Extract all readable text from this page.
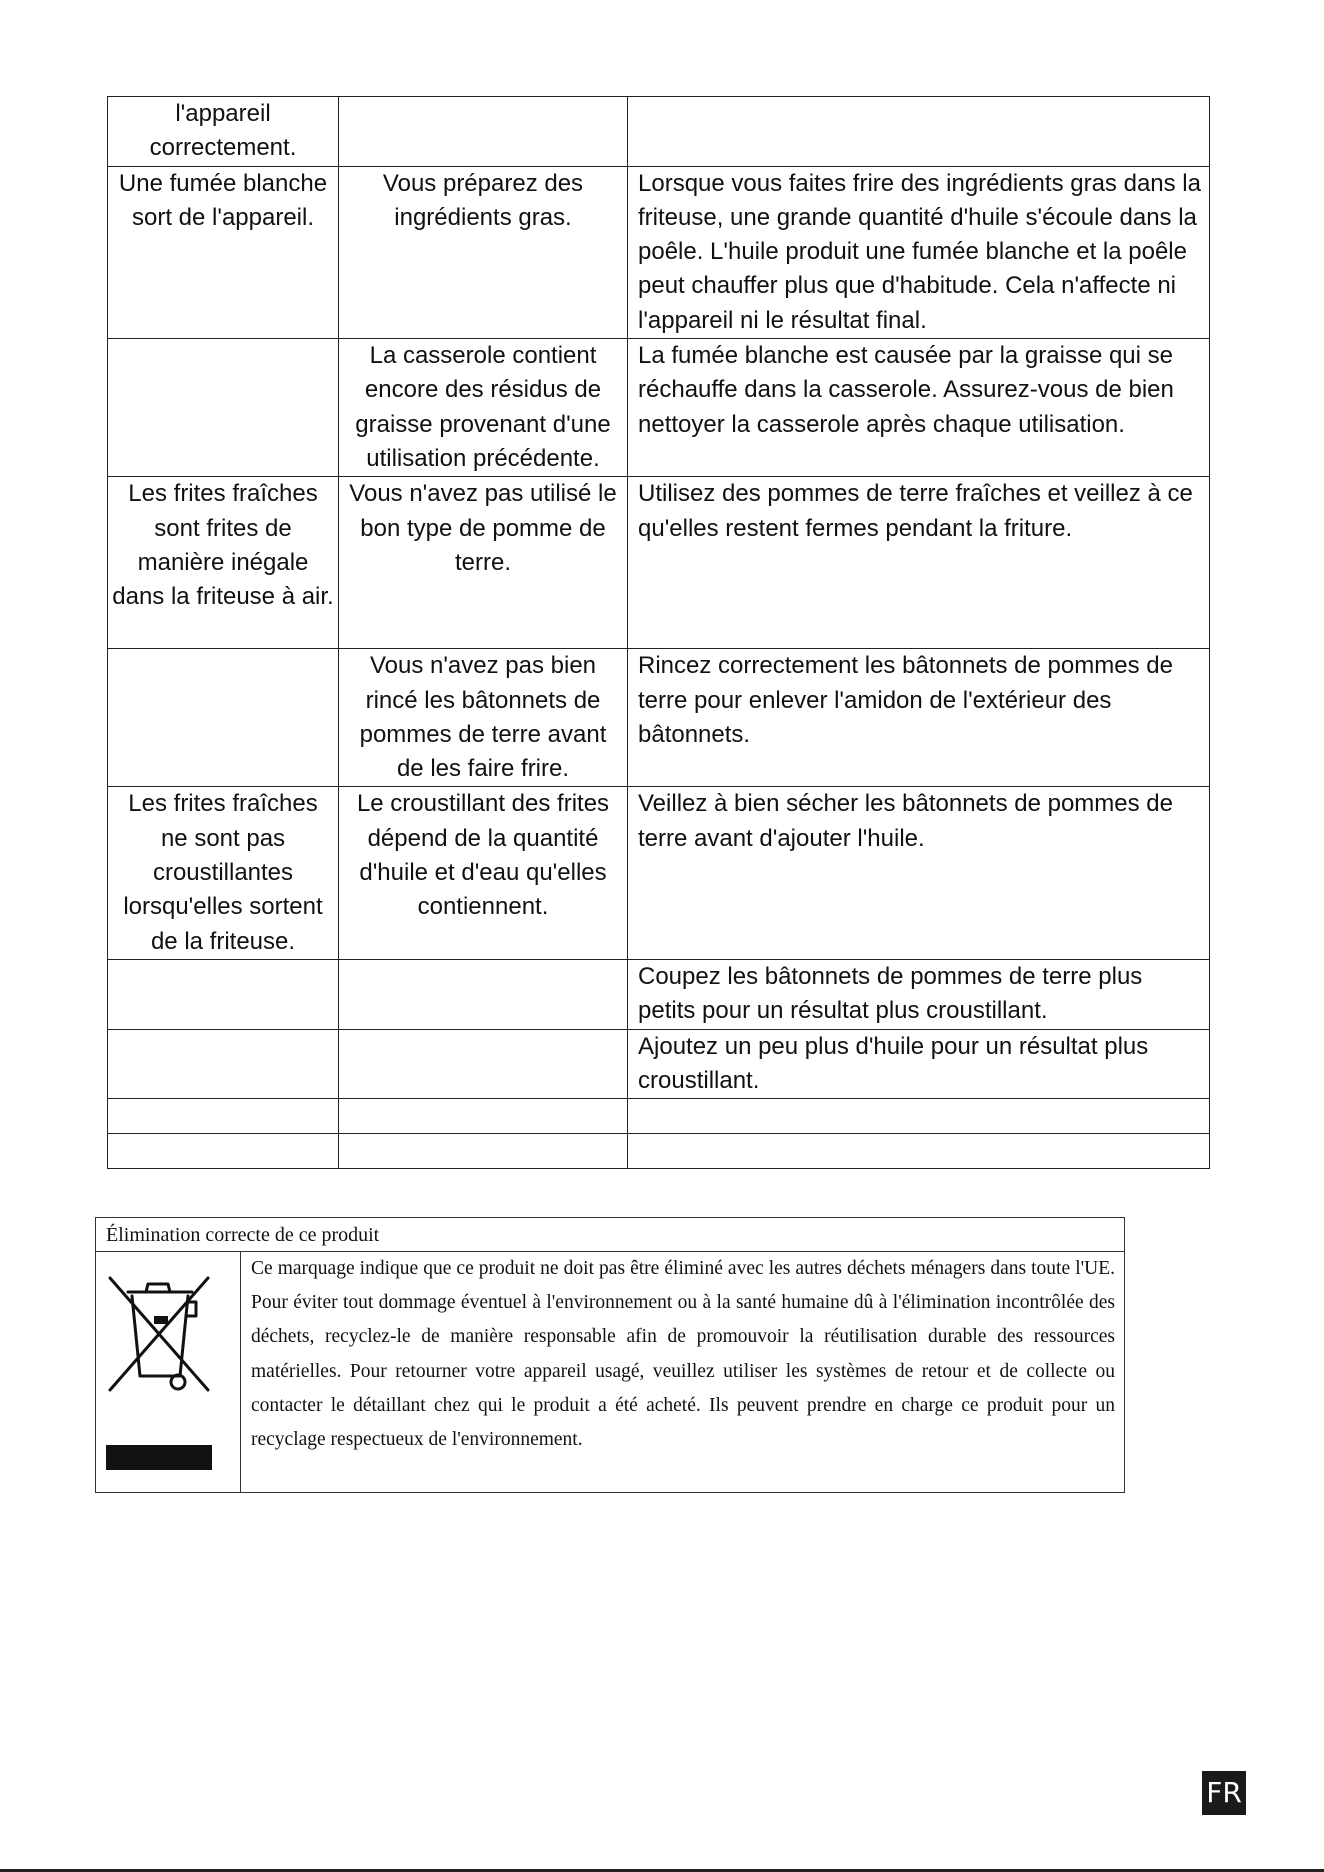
l'appareil correctement.		
Une fumée blanche sort de l'appareil.	Vous préparez des ingrédients gras.	Lorsque vous faites frire des ingrédients gras dans la friteuse, une grande quantité d'huile s'écoule dans la poêle. L'huile produit une fumée blanche et la poêle peut chauffer plus que d'habitude. Cela n'affecte ni l'appareil ni le résultat final.
	La casserole contient encore des résidus de graisse provenant d'une utilisation précédente.	La fumée blanche est causée par la graisse qui se réchauffe dans la casserole. Assurez-vous de bien nettoyer la casserole après chaque utilisation.
Les frites fraîches sont frites de manière inégale dans la friteuse à air.	Vous n'avez pas utilisé le bon type de pomme de terre.	Utilisez des pommes de terre fraîches et veillez à ce qu'elles restent fermes pendant la friture.
	Vous n'avez pas bien rincé les bâtonnets de pommes de terre avant de les faire frire.	Rincez correctement les bâtonnets de pommes de terre pour enlever l'amidon de l'extérieur des bâtonnets.
Les frites fraîches ne sont pas croustillantes lorsqu'elles sortent de la friteuse.	Le croustillant des frites dépend de la quantité d'huile et d'eau qu'elles contiennent.	Veillez à bien sécher les bâtonnets de pommes de terre avant d'ajouter l'huile.
		Coupez les bâtonnets de pommes de terre plus petits pour un résultat plus croustillant.
		Ajoutez un peu plus d'huile pour un résultat plus croustillant.

Élimination correcte de ce produit
Ce marquage indique que ce produit ne doit pas être éliminé avec les autres déchets ménagers dans toute l'UE. Pour éviter tout dommage éventuel à l'environnement ou à la santé humaine dû à l'élimination incontrôlée des déchets, recyclez-le de manière responsable afin de promouvoir la réutilisation durable des ressources matérielles. Pour retourner votre appareil usagé, veuillez utiliser les systèmes de retour et de collecte ou contacter le détaillant chez qui le produit a été acheté. Ils peuvent prendre en charge ce produit pour un recyclage respectueux de l'environnement.
FR
